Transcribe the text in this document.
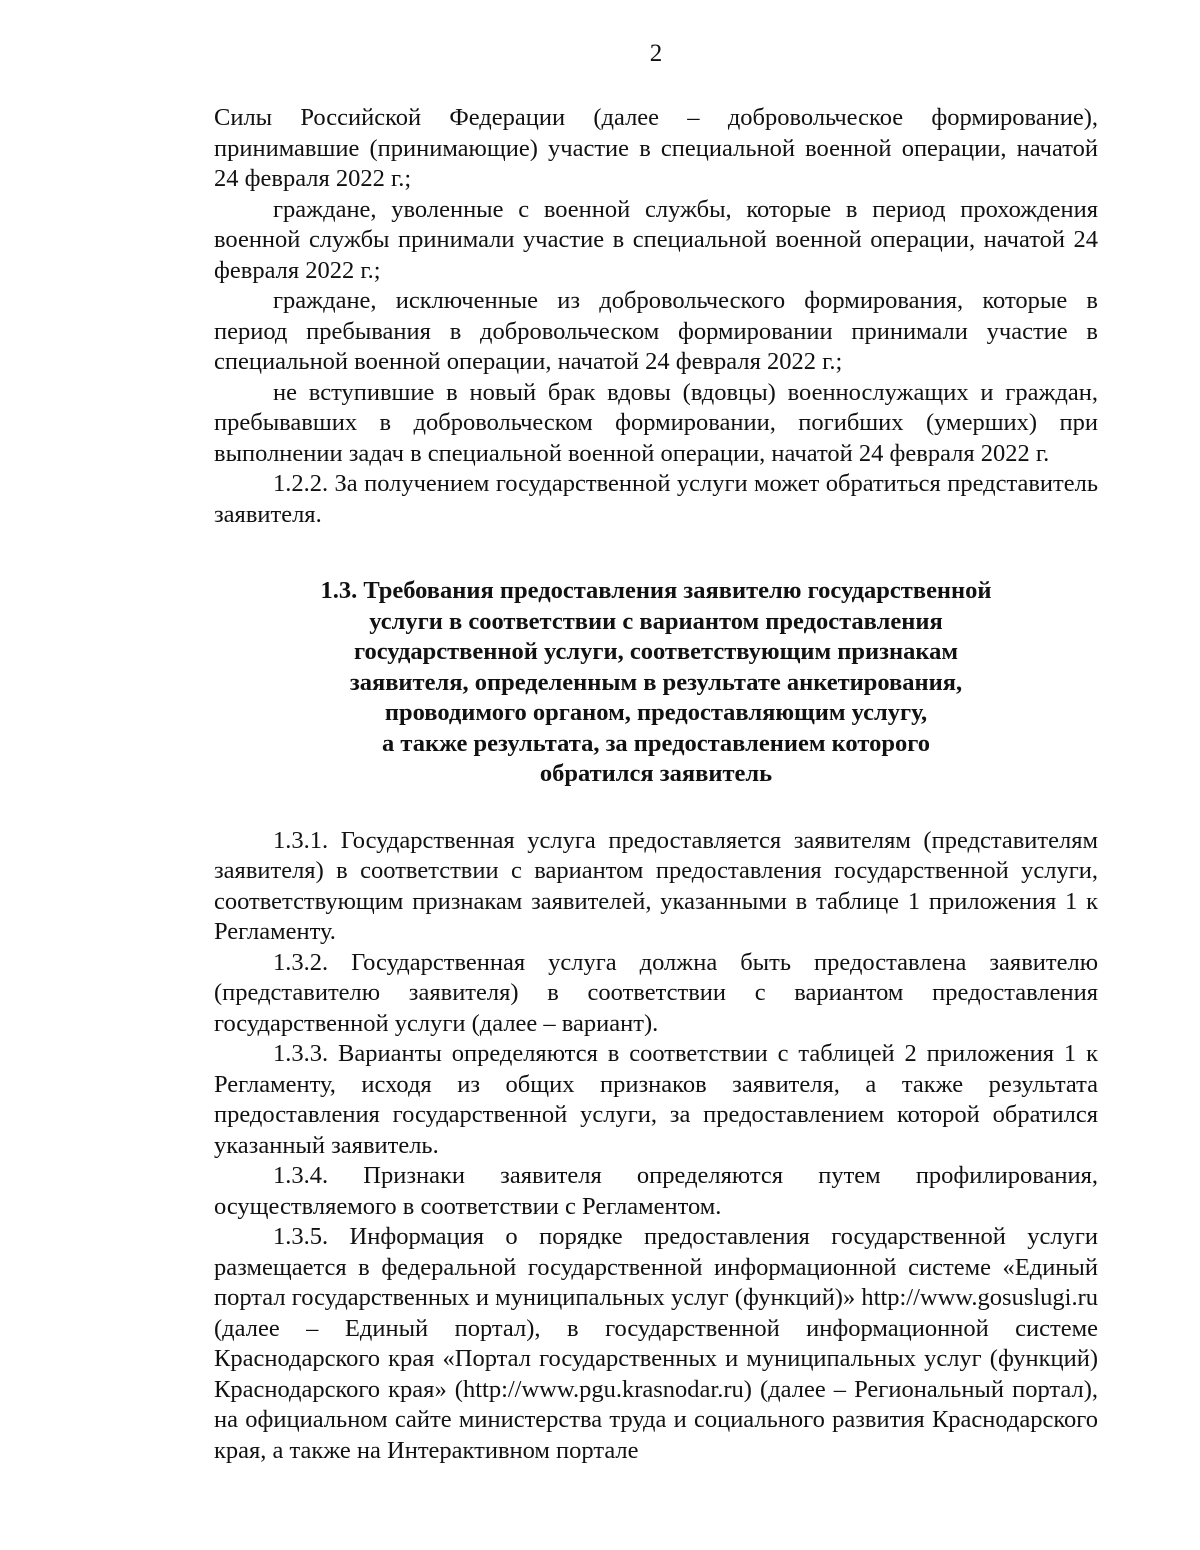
2

Силы Российской Федерации (далее – добровольческое формирование), принимавшие (принимающие) участие в специальной военной операции, начатой 24 февраля 2022 г.;

граждане, уволенные с военной службы, которые в период прохождения военной службы принимали участие в специальной военной операции, начатой 24 февраля 2022 г.;

граждане, исключенные из добровольческого формирования, которые в период пребывания в добровольческом формировании принимали участие в специальной военной операции, начатой 24 февраля 2022 г.;

не вступившие в новый брак вдовы (вдовцы) военнослужащих и граждан, пребывавших в добровольческом формировании, погибших (умерших) при выполнении задач в специальной военной операции, начатой 24 февраля 2022 г.

1.2.2. За получением государственной услуги может обратиться представитель заявителя.

1.3. Требования предоставления заявителю государственной
услуги в соответствии с вариантом предоставления
государственной услуги, соответствующим признакам
заявителя, определенным в результате анкетирования,
проводимого органом, предоставляющим услугу,
а также результата, за предоставлением которого
обратился заявитель

1.3.1. Государственная услуга предоставляется заявителям (представителям заявителя) в соответствии с вариантом предоставления государственной услуги, соответствующим признакам заявителей, указанными в таблице 1 приложения 1 к Регламенту.

1.3.2. Государственная услуга должна быть предоставлена заявителю (представителю заявителя) в соответствии с вариантом предоставления государственной услуги (далее – вариант).

1.3.3. Варианты определяются в соответствии с таблицей 2 приложения 1 к Регламенту, исходя из общих признаков заявителя, а также результата предоставления государственной услуги, за предоставлением которой обратился указанный заявитель.

1.3.4. Признаки заявителя определяются путем профилирования, осуществляемого в соответствии с Регламентом.

1.3.5. Информация о порядке предоставления государственной услуги размещается в федеральной государственной информационной системе «Единый портал государственных и муниципальных услуг (функций)» http://www.gosuslugi.ru (далее – Единый портал), в государственной информационной системе Краснодарского края «Портал государственных и муниципальных услуг (функций) Краснодарского края» (http://www.pgu.krasnodar.ru) (далее – Региональный портал), на официальном сайте министерства труда и социального развития Краснодарского края, а также на Интерактивном портале
